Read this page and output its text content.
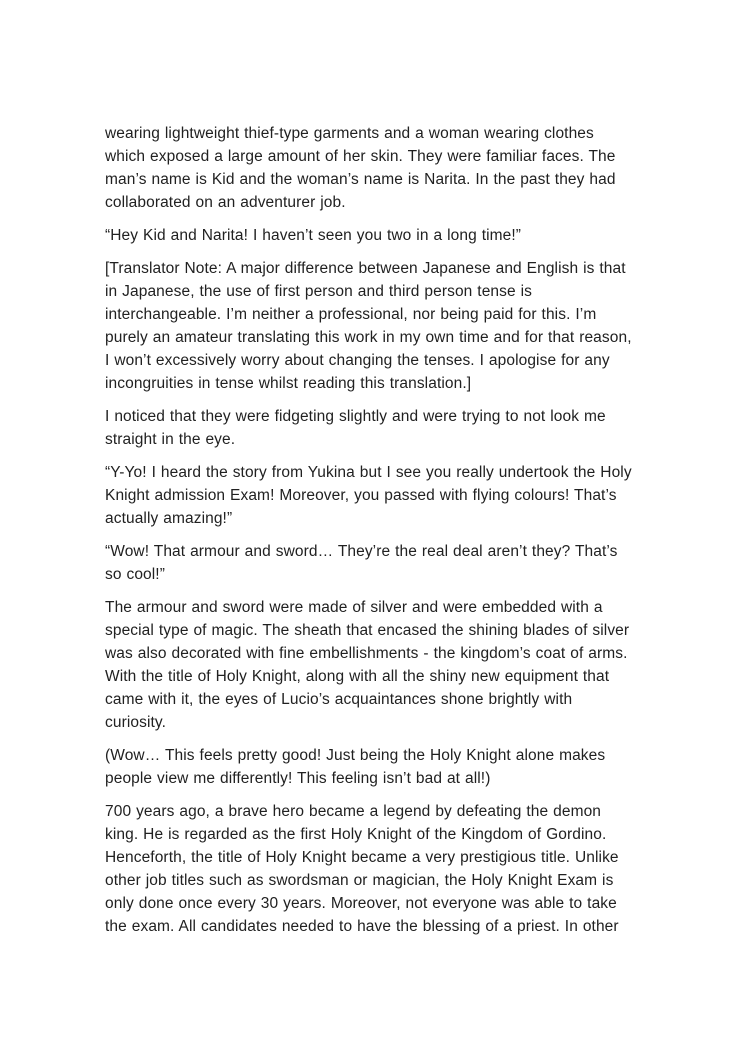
wearing lightweight thief-type garments and a woman wearing clothes which exposed a large amount of her skin. They were familiar faces. The man’s name is Kid and the woman’s name is Narita. In the past they had collaborated on an adventurer job.

“Hey Kid and Narita! I haven’t seen you two in a long time!”

[Translator Note: A major difference between Japanese and English is that in Japanese, the use of first person and third person tense is interchangeable. I’m neither a professional, nor being paid for this. I’m purely an amateur translating this work in my own time and for that reason, I won’t excessively worry about changing the tenses. I apologise for any incongruities in tense whilst reading this translation.]

I noticed that they were fidgeting slightly and were trying to not look me straight in the eye.

“Y-Yo! I heard the story from Yukina but I see you really undertook the Holy Knight admission Exam! Moreover, you passed with flying colours! That’s actually amazing!”

“Wow! That armour and sword… They’re the real deal aren’t they? That’s so cool!”

The armour and sword were made of silver and were embedded with a special type of magic. The sheath that encased the shining blades of silver was also decorated with fine embellishments - the kingdom’s coat of arms. With the title of Holy Knight, along with all the shiny new equipment that came with it, the eyes of Lucio’s acquaintances shone brightly with curiosity.

(Wow… This feels pretty good! Just being the Holy Knight alone makes people view me differently! This feeling isn’t bad at all!)

700 years ago, a brave hero became a legend by defeating the demon king. He is regarded as the first Holy Knight of the Kingdom of Gordino. Henceforth, the title of Holy Knight became a very prestigious title. Unlike other job titles such as swordsman or magician, the Holy Knight Exam is only done once every 30 years. Moreover, not everyone was able to take the exam. All candidates needed to have the blessing of a priest. In other
